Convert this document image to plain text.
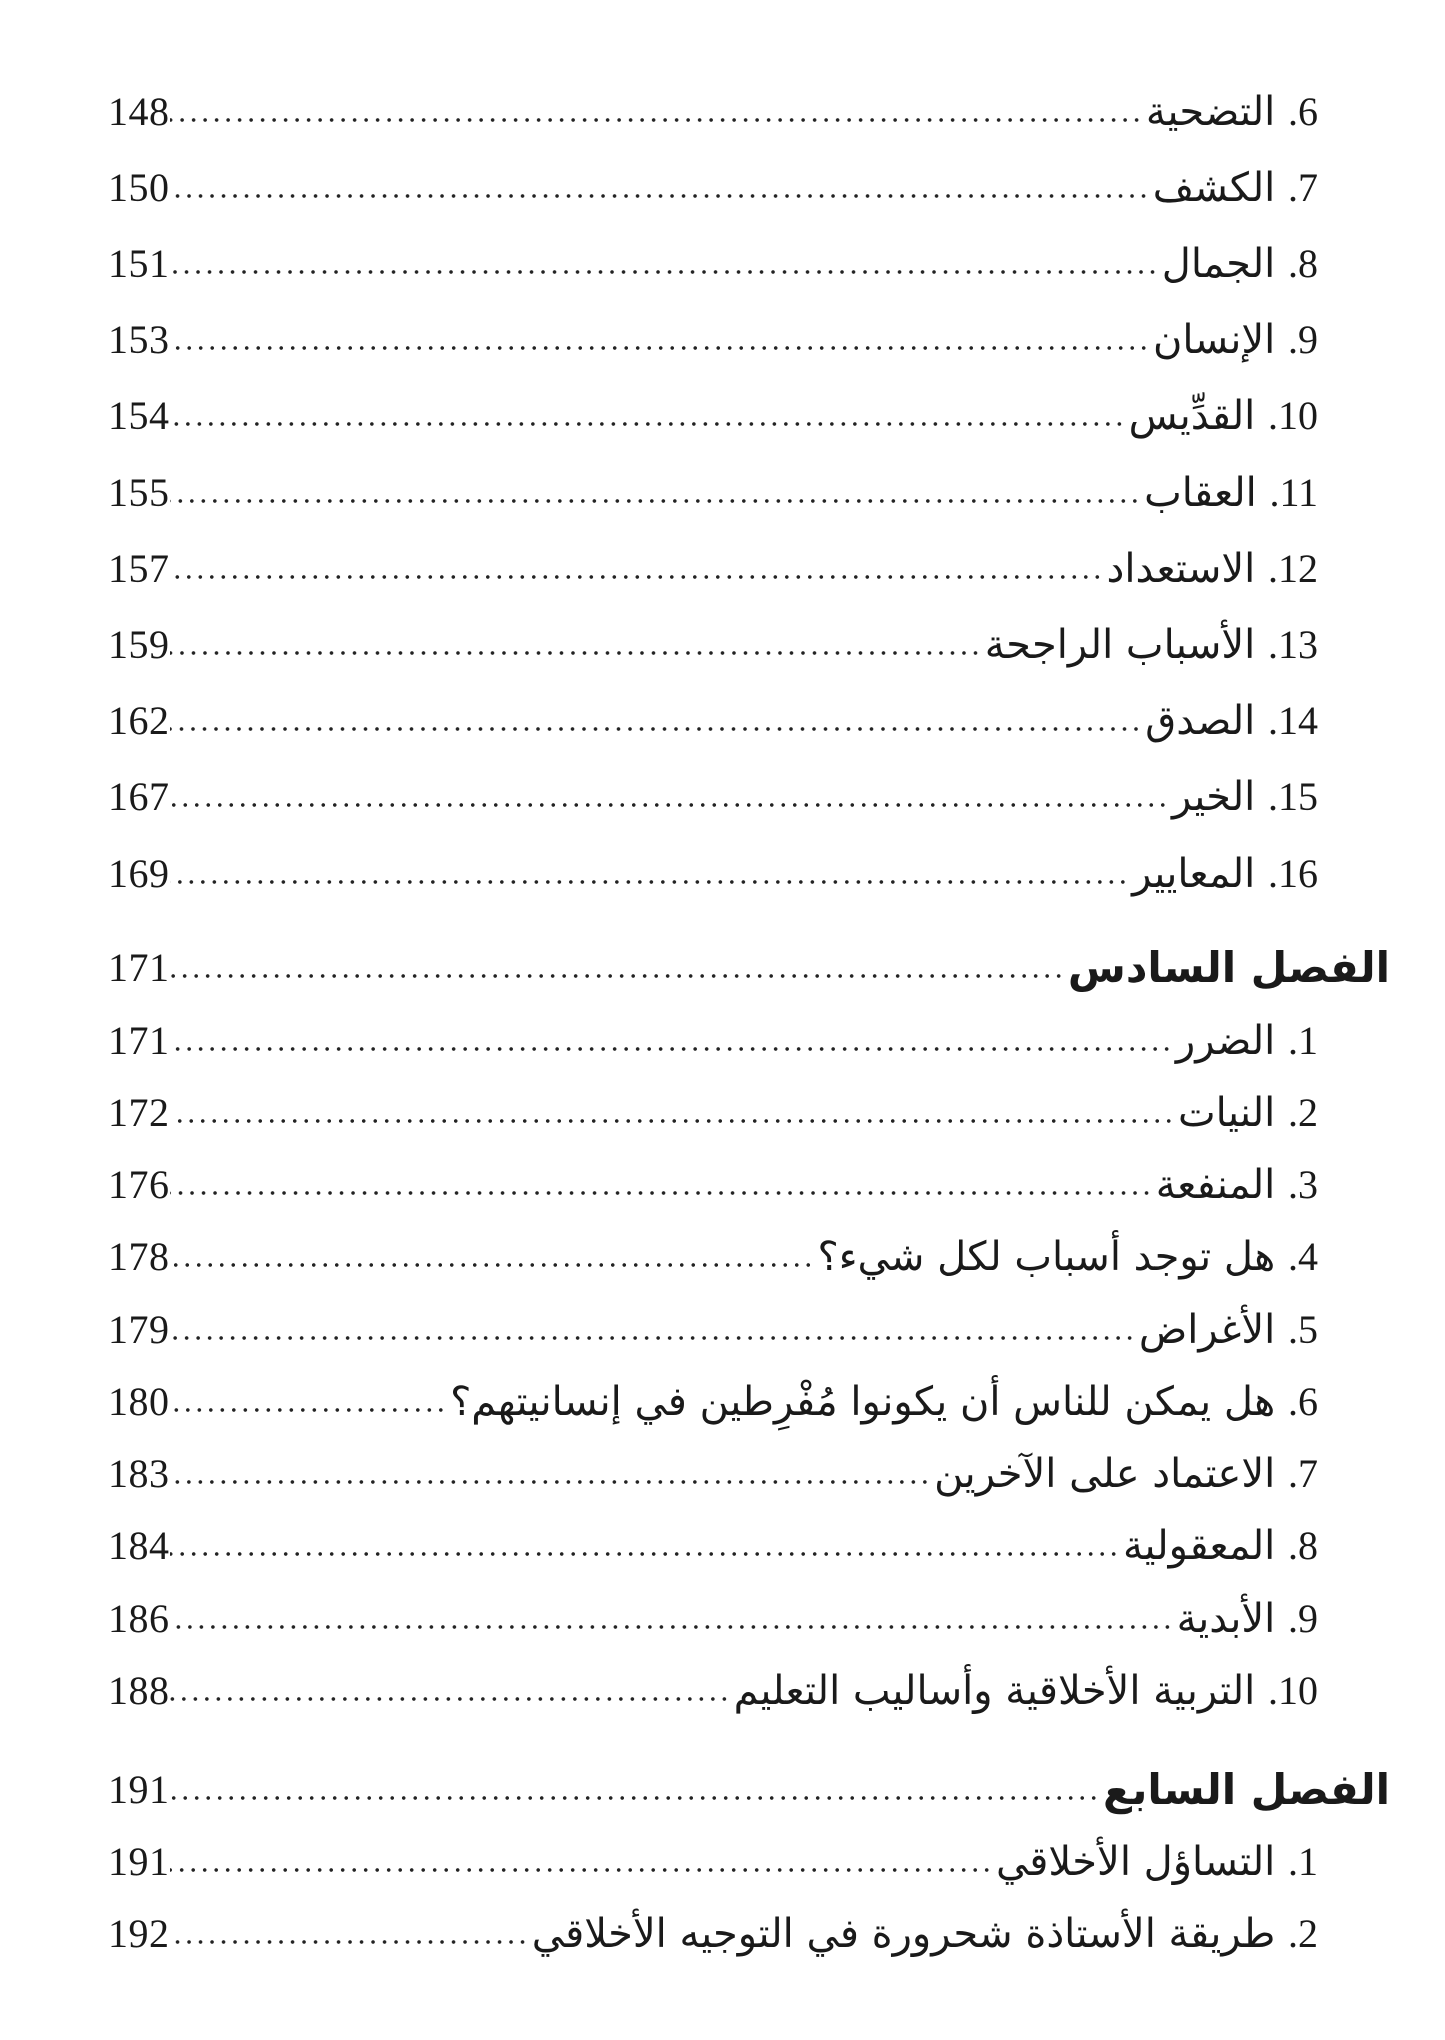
6. التضحية
148
7. الكشف
150
8. الجمال
151
9. الإنسان
153
10. القدِّيس
154
11. العقاب
155
12. الاستعداد
157
13. الأسباب الراجحة
159
14. الصدق
162
15. الخير
167
16. المعايير
169
الفصل السادس
171
1. الضرر
171
2. النيات
172
3. المنفعة
176
4. هل توجد أسباب لكل شيء؟
178
5. الأغراض
179
6. هل يمكن للناس أن يكونوا مُفْرِطين في إنسانيتهم؟
180
7. الاعتماد على الآخرين
183
8. المعقولية
184
9. الأبدية
186
10. التربية الأخلاقية وأساليب التعليم
188
الفصل السابع
191
1. التساؤل الأخلاقي
191
2. طريقة الأستاذة شحرورة في التوجيه الأخلاقي
192
